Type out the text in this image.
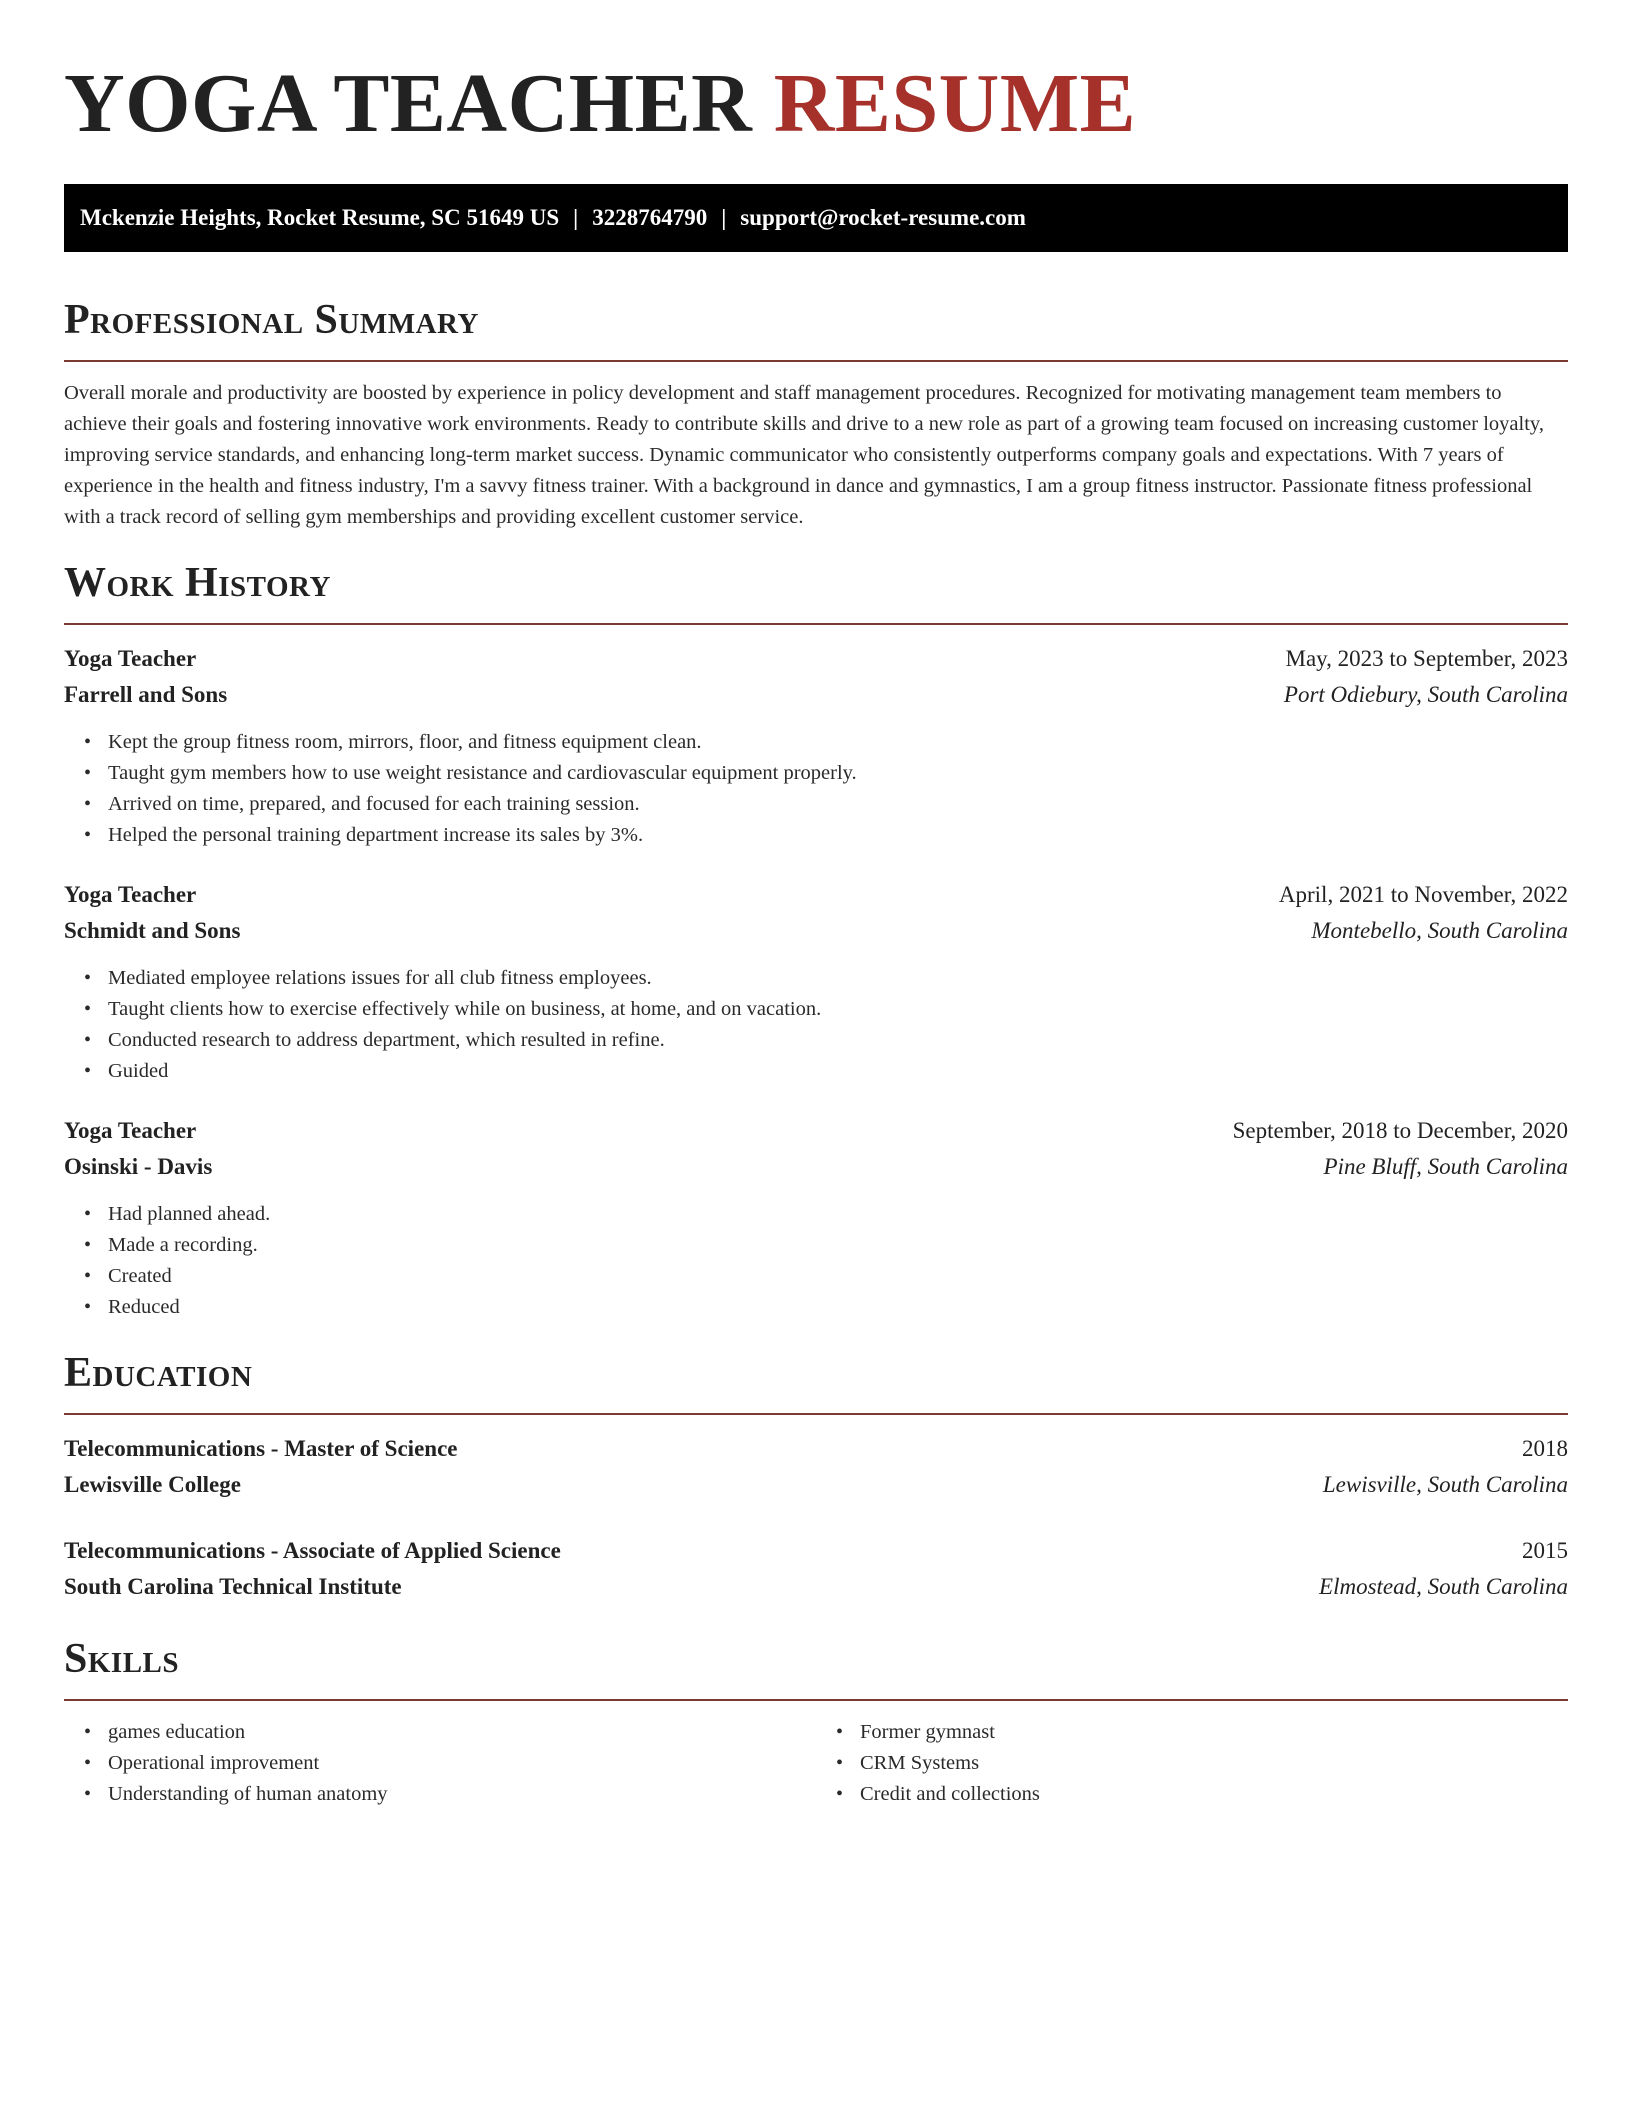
YOGA TEACHER RESUME
Mckenzie Heights, Rocket Resume, SC 51649 US | 3228764790 | support@rocket-resume.com
Professional Summary

Overall morale and productivity are boosted by experience in policy development and staff management procedures. Recognized for motivating management team members to achieve their goals and fostering innovative work environments. Ready to contribute skills and drive to a new role as part of a growing team focused on increasing customer loyalty, improving service standards, and enhancing long-term market success. Dynamic communicator who consistently outperforms company goals and expectations. With 7 years of experience in the health and fitness industry, I'm a savvy fitness trainer. With a background in dance and gymnastics, I am a group fitness instructor. Passionate fitness professional with a track record of selling gym memberships and providing excellent customer service.

Work History
Yoga Teacher	May, 2023 to September, 2023
Farrell and Sons	Port Odiebury, South Carolina
• Kept the group fitness room, mirrors, floor, and fitness equipment clean.
• Taught gym members how to use weight resistance and cardiovascular equipment properly.
• Arrived on time, prepared, and focused for each training session.
• Helped the personal training department increase its sales by 3%.
Yoga Teacher	April, 2021 to November, 2022
Schmidt and Sons	Montebello, South Carolina
• Mediated employee relations issues for all club fitness employees.
• Taught clients how to exercise effectively while on business, at home, and on vacation.
• Conducted research to address department, which resulted in refine.
• Guided
Yoga Teacher	September, 2018 to December, 2020
Osinski - Davis	Pine Bluff, South Carolina
• Had planned ahead.
• Made a recording.
• Created
• Reduced
Education
Telecommunications - Master of Science	2018
Lewisville College	Lewisville, South Carolina
Telecommunications - Associate of Applied Science	2015
South Carolina Technical Institute	Elmostead, South Carolina
Skills
• games education
• Operational improvement
• Understanding of human anatomy
• Former gymnast
• CRM Systems
• Credit and collections
